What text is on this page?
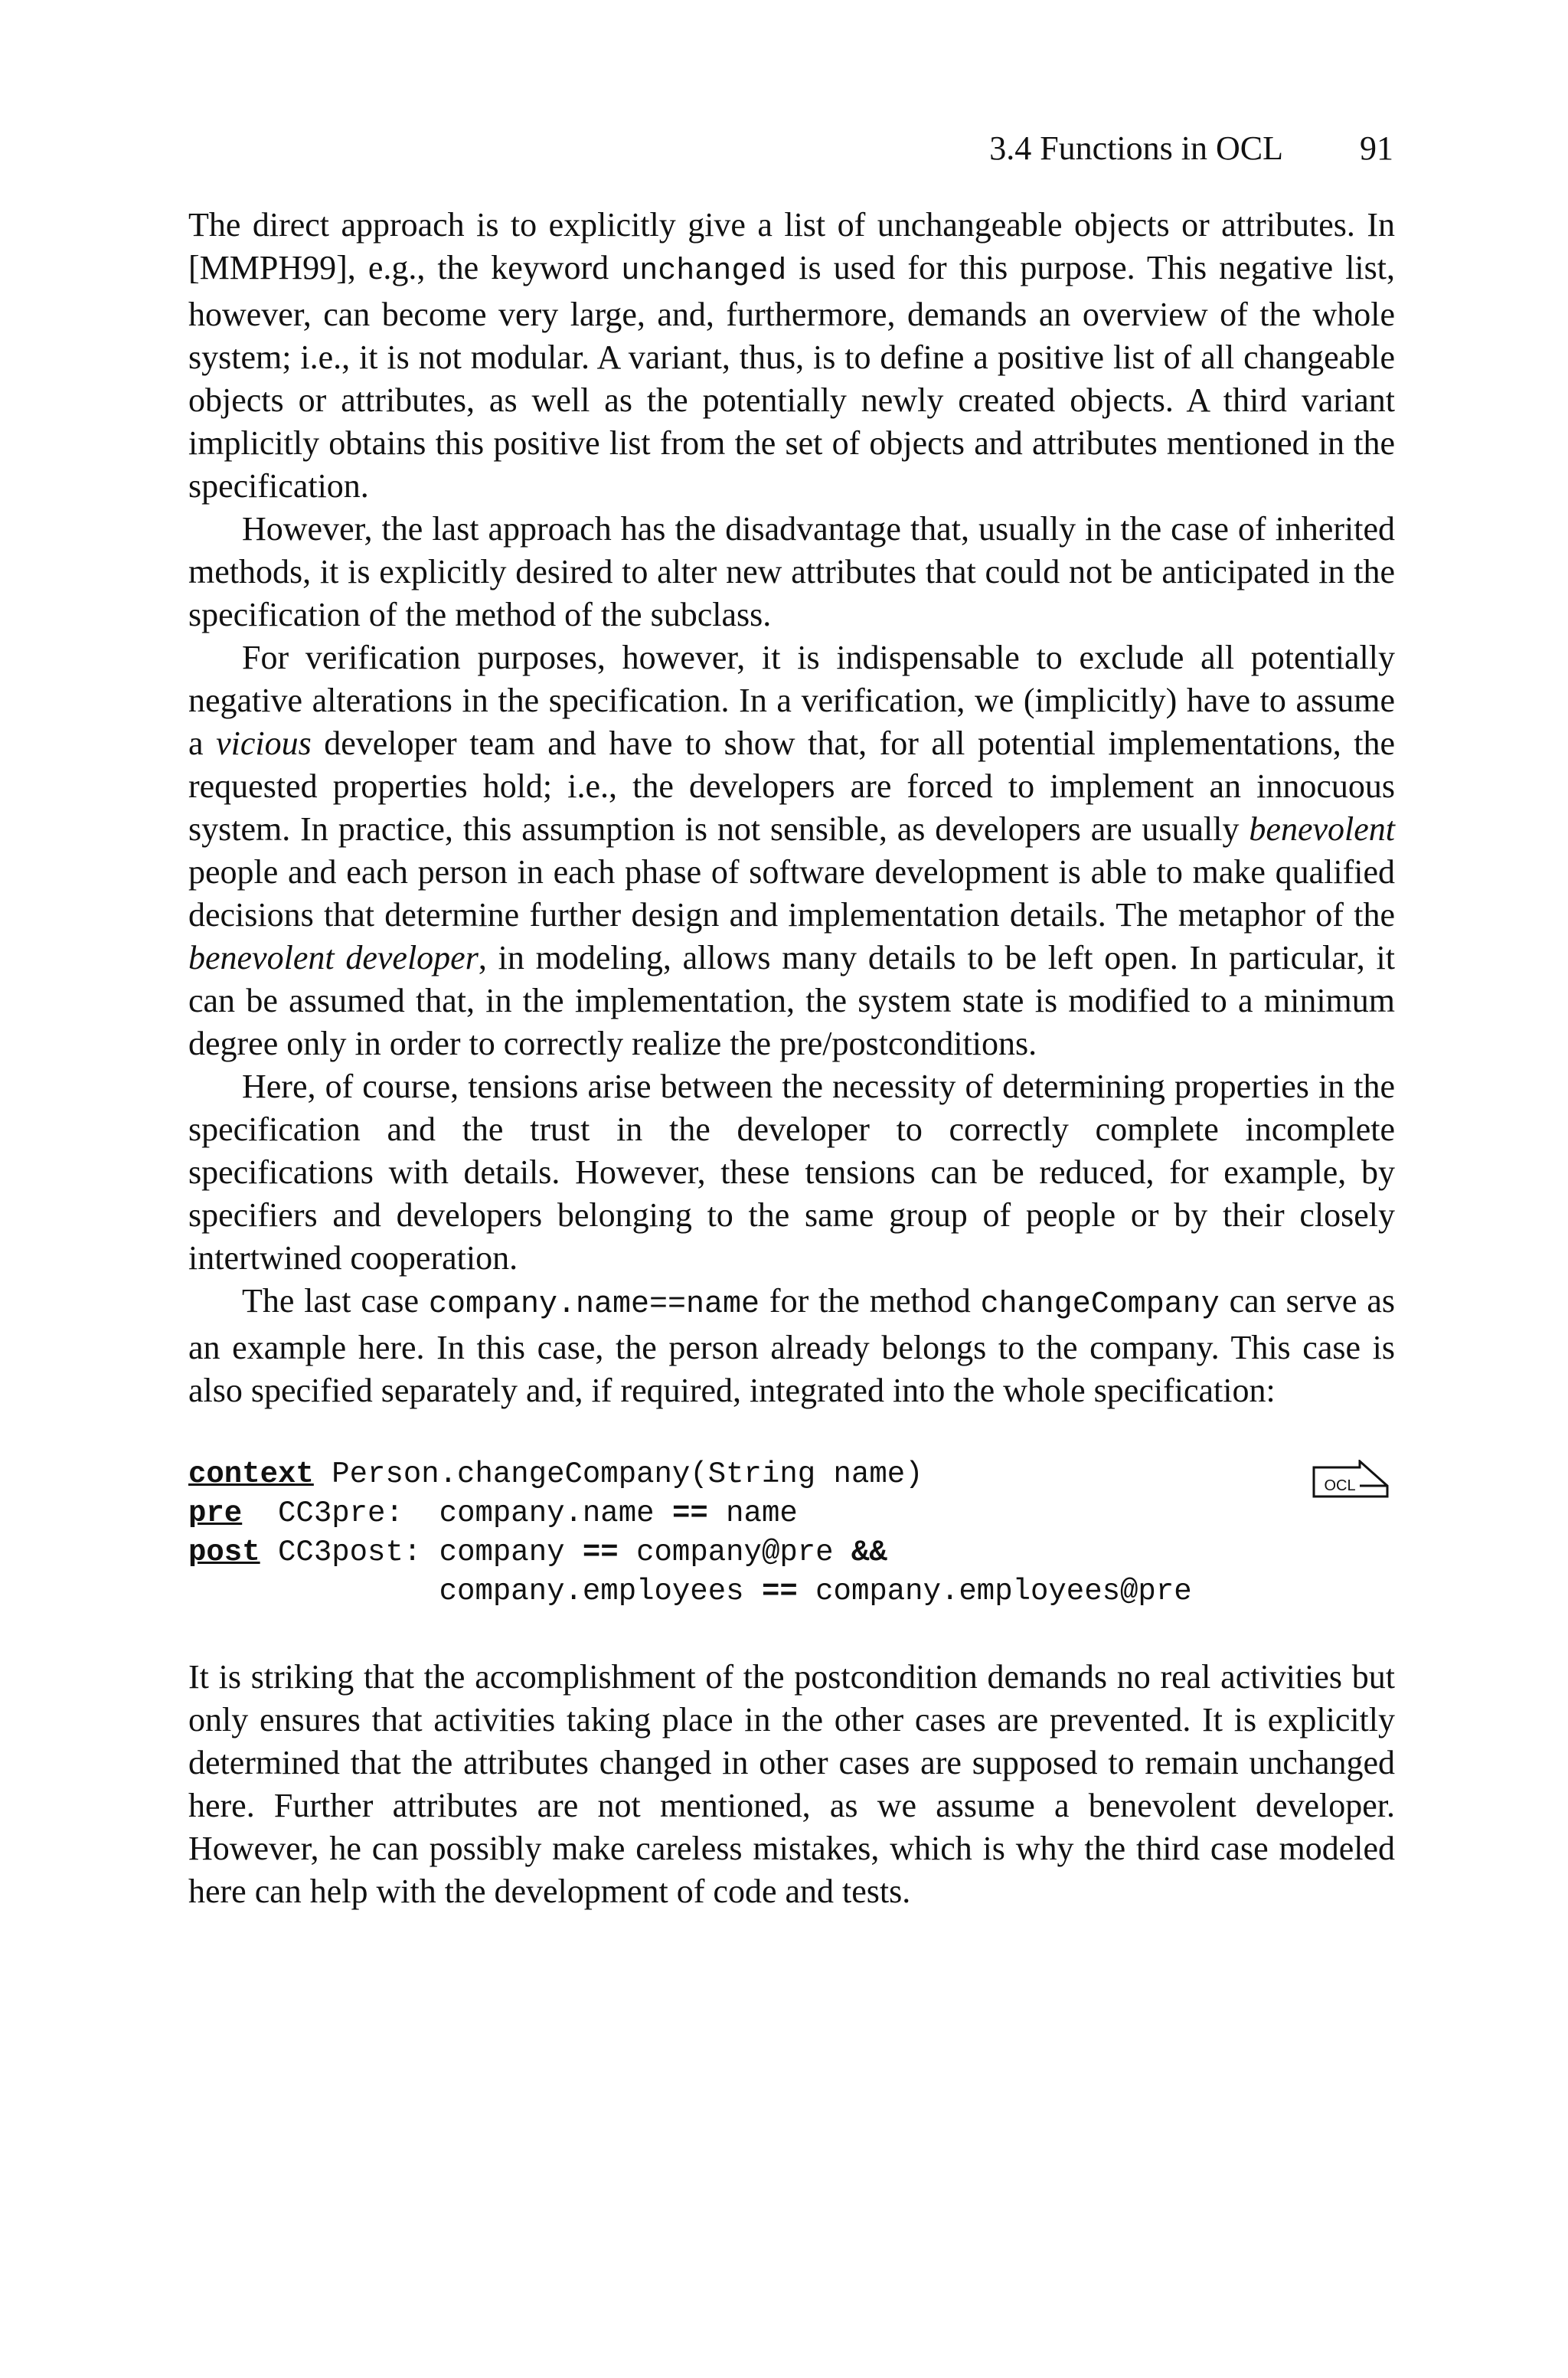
3.4 Functions in OCL 91

The direct approach is to explicitly give a list of unchangeable objects or attributes. In [MMPH99], e.g., the keyword unchanged is used for this purpose. This negative list, however, can become very large, and, furthermore, demands an overview of the whole system; i.e., it is not modular. A variant, thus, is to define a positive list of all changeable objects or attributes, as well as the potentially newly created objects. A third variant implicitly obtains this positive list from the set of objects and attributes mentioned in the specification.

However, the last approach has the disadvantage that, usually in the case of inherited methods, it is explicitly desired to alter new attributes that could not be anticipated in the specification of the method of the subclass.

For verification purposes, however, it is indispensable to exclude all potentially negative alterations in the specification. In a verification, we (implicitly) have to assume a vicious developer team and have to show that, for all potential implementations, the requested properties hold; i.e., the developers are forced to implement an innocuous system. In practice, this assumption is not sensible, as developers are usually benevolent people and each person in each phase of software development is able to make qualified decisions that determine further design and implementation details. The metaphor of the benevolent developer, in modeling, allows many details to be left open. In particular, it can be assumed that, in the implementation, the system state is modified to a minimum degree only in order to correctly realize the pre/postconditions.

Here, of course, tensions arise between the necessity of determining properties in the specification and the trust in the developer to correctly complete incomplete specifications with details. However, these tensions can be reduced, for example, by specifiers and developers belonging to the same group of people or by their closely intertwined cooperation.

The last case company.name==name for the method changeCompany can serve as an example here. In this case, the person already belongs to the company. This case is also specified separately and, if required, integrated into the whole specification:

context Person.changeCompany(String name)
pre CC3pre: company.name == name
post CC3post: company == company@pre &&
company.employees == company.employees@pre
OCL

It is striking that the accomplishment of the postcondition demands no real activities but only ensures that activities taking place in the other cases are prevented. It is explicitly determined that the attributes changed in other cases are supposed to remain unchanged here. Further attributes are not mentioned, as we assume a benevolent developer. However, he can possibly make careless mistakes, which is why the third case modeled here can help with the development of code and tests.
